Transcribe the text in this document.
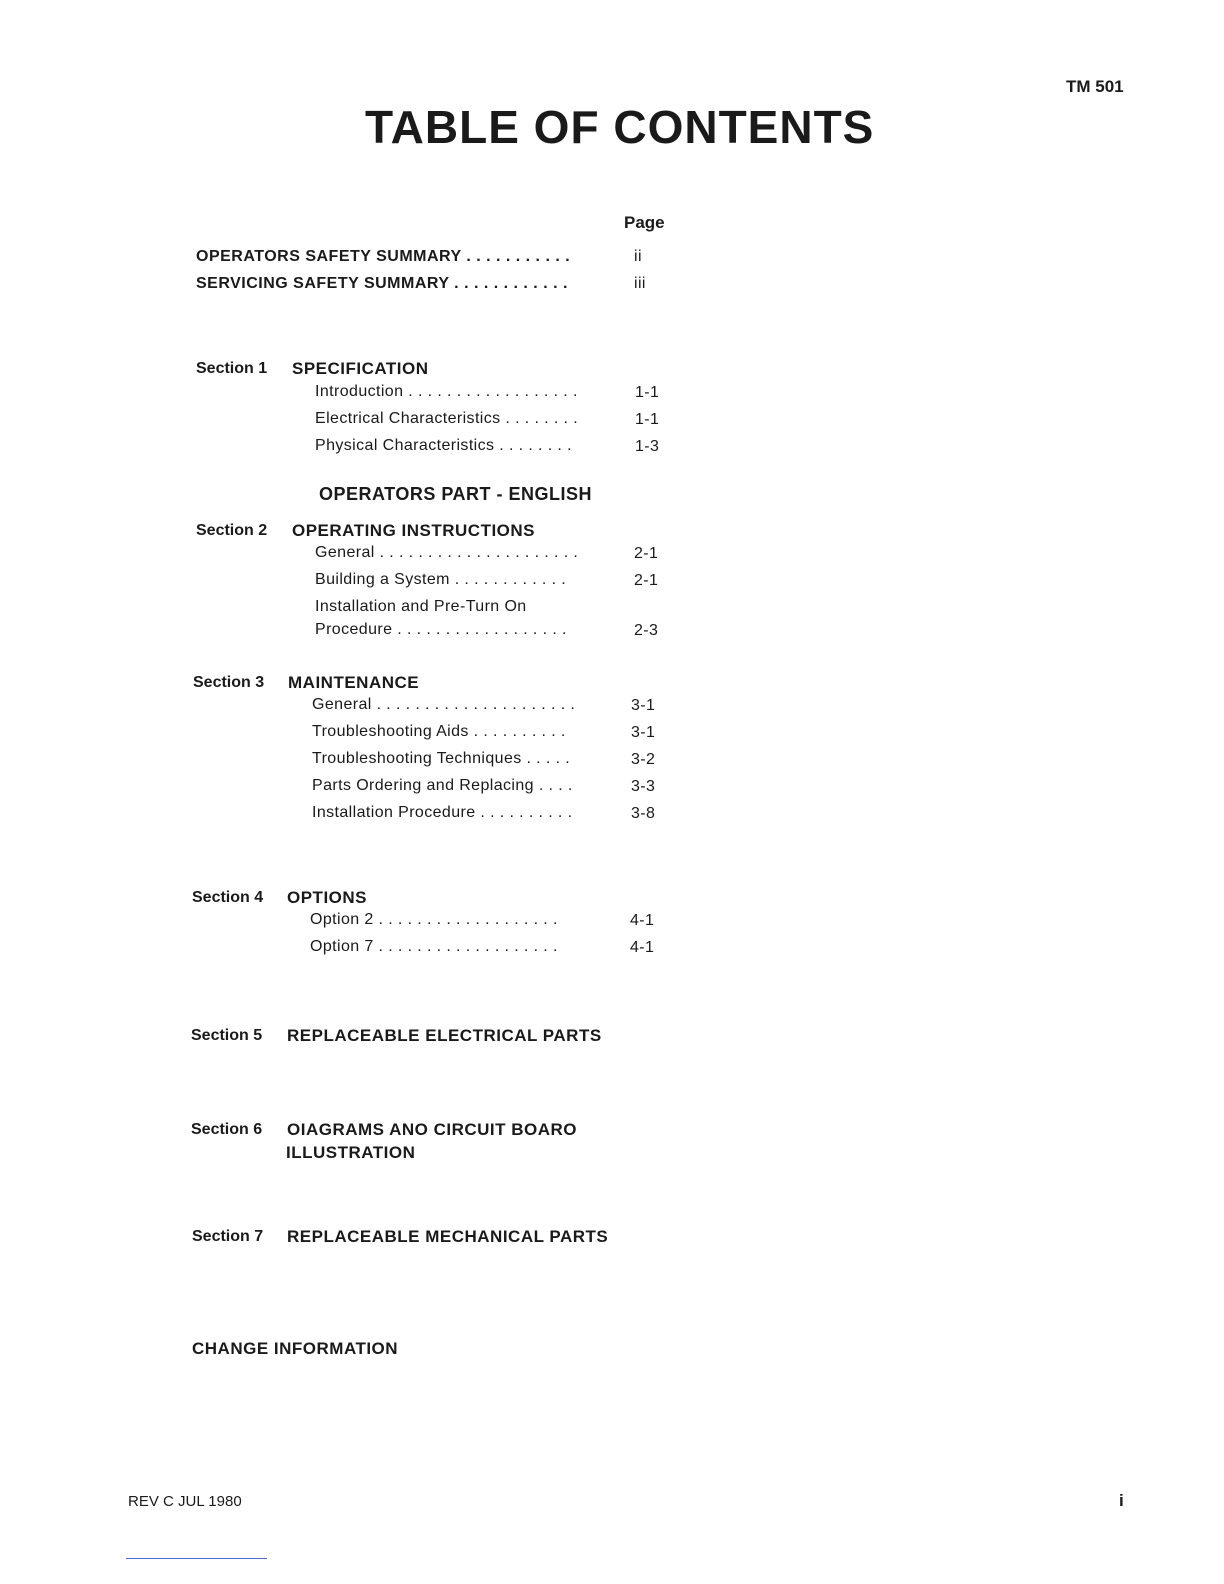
TM 501
TABLE OF CONTENTS
Page
OPERATORS SAFETY SUMMARY . . . . . . . . . . .	ii
SERVICING SAFETY SUMMARY . . . . . . . . . . . .	iii
Section 1 SPECIFICATION
Introduction . . . . . . . . . . . . . . . . . .	1-1
Electrical Characteristics . . . . . . . .	1-1
Physical Characteristics . . . . . . . .	1-3
OPERATORS PART - ENGLISH
Section 2 OPERATING INSTRUCTIONS
General . . . . . . . . . . . . . . . . . . . . .	2-1
Building a System . . . . . . . . . . . .	2-1
Installation and Pre-Turn On
Procedure . . . . . . . . . . . . . . . . . .	2-3
Section 3 MAINTENANCE
General . . . . . . . . . . . . . . . . . . . . .	3-1
Troubleshooting Aids . . . . . . . . . .	3-1
Troubleshooting Techniques . . . . .	3-2
Parts Ordering and Replacing . . . .	3-3
Installation Procedure . . . . . . . . . .	3-8
Section 4 OPTIONS
Option 2 . . . . . . . . . . . . . . . . . . .	4-1
Option 7 . . . . . . . . . . . . . . . . . . .	4-1
Section 5 REPLACEABLE ELECTRICAL PARTS
Section 6 OIAGRAMS ANO CIRCUIT BOARO
ILLUSTRATION
Section 7 REPLACEABLE MECHANICAL PARTS
CHANGE INFORMATION
REV C JUL 1980	i
